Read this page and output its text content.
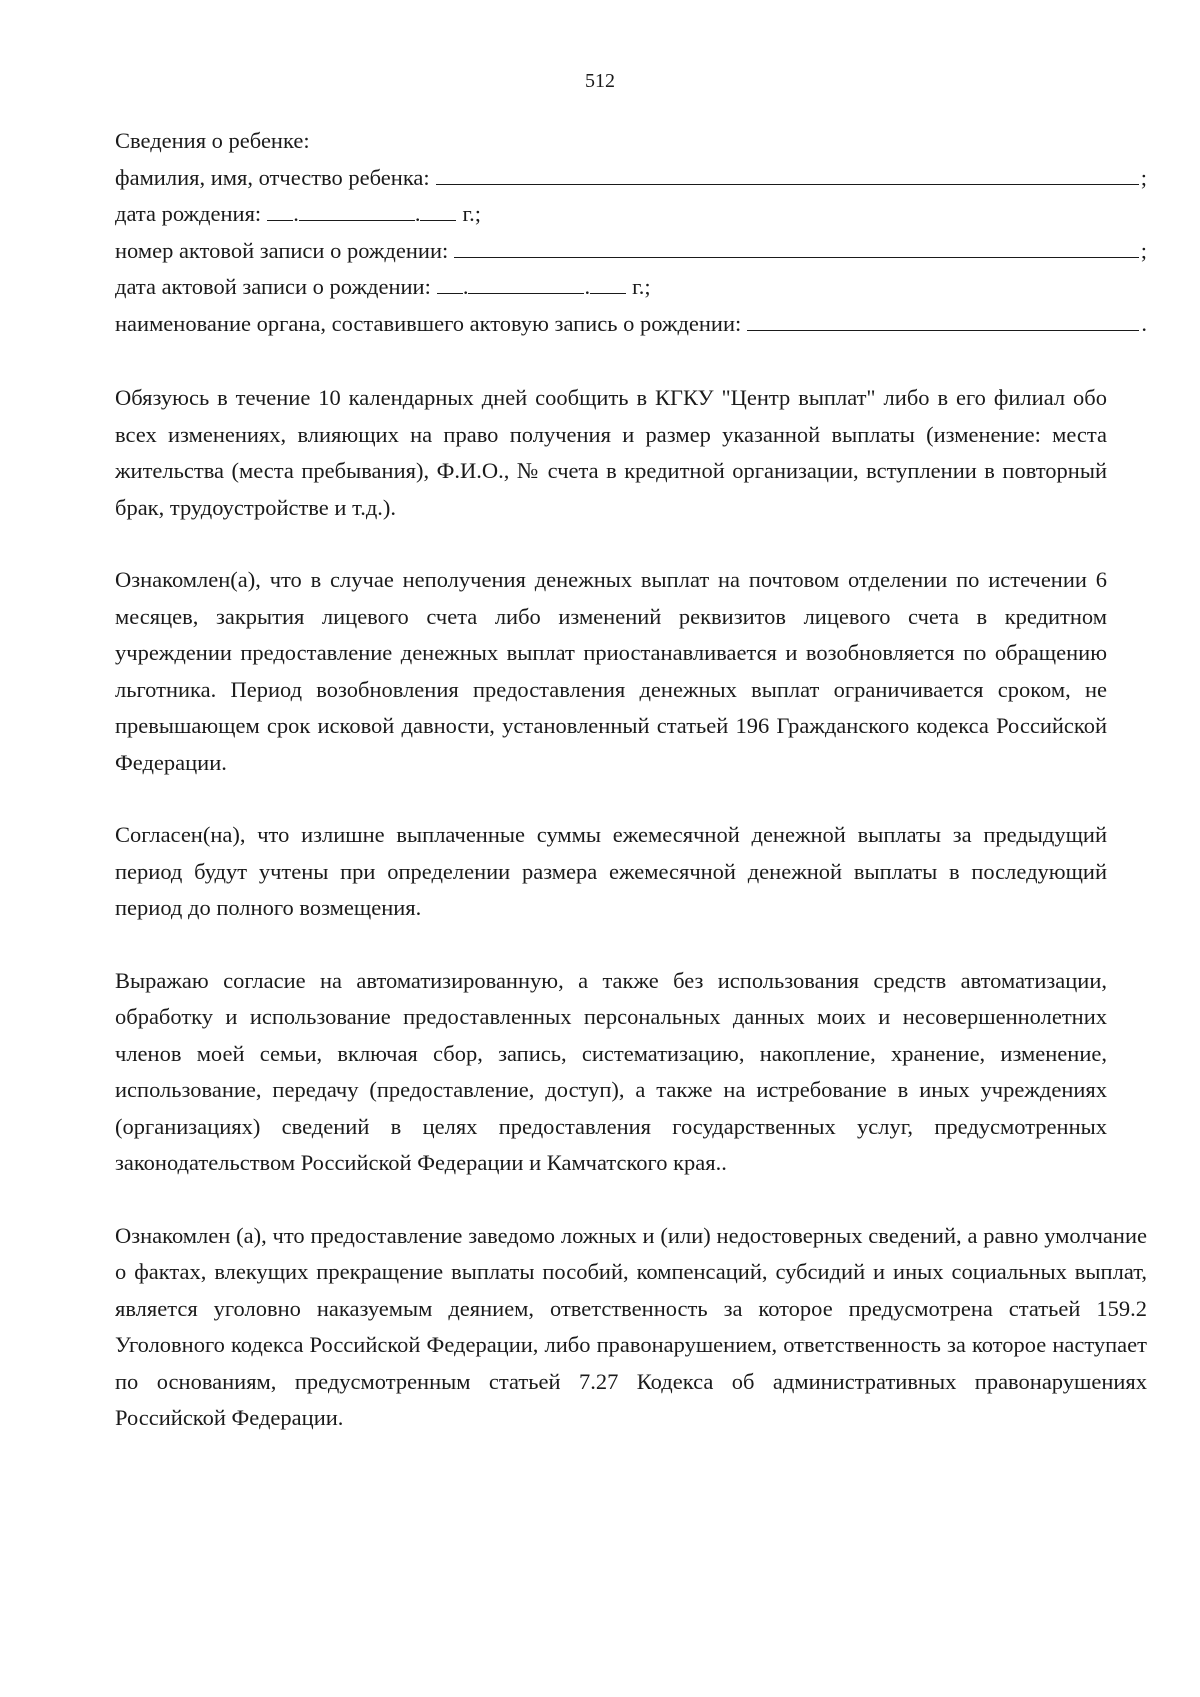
512
Сведения о ребенке:
фамилия, имя, отчество ребенка:	;
дата рождения: .	. г.;
номер актовой записи о рождении:	;
дата актовой записи о рождении: .	. г.;
наименование органа, составившего актовую запись о рождении:	.

Обязуюсь в течение 10 календарных дней сообщить в КГКУ "Центр выплат" либо в его филиал обо всех изменениях, влияющих на право получения и размер указанной выплаты (изменение: места жительства (места пребывания), Ф.И.О., № счета в кредитной организации, вступлении в повторный брак, трудоустройстве и т.д.).

Ознакомлен(а), что в случае неполучения денежных выплат на почтовом отделении по истечении 6 месяцев, закрытия лицевого счета либо изменений реквизитов лицевого счета в кредитном учреждении предоставление денежных выплат приостанавливается и возобновляется по обращению льготника. Период возобновления предоставления денежных выплат ограничивается сроком, не превышающем срок исковой давности, установленный статьей 196 Гражданского кодекса Российской Федерации.

Согласен(на), что излишне выплаченные суммы ежемесячной денежной выплаты за предыдущий период будут учтены при определении размера ежемесячной денежной выплаты в последующий период до полного возмещения.

Выражаю согласие на автоматизированную, а также без использования средств автоматизации, обработку и использование предоставленных персональных данных моих и несовершеннолетних членов моей семьи, включая сбор, запись, систематизацию, накопление, хранение, изменение, использование, передачу (предоставление, доступ), а также на истребование в иных учреждениях (организациях) сведений в целях предоставления государственных услуг, предусмотренных законодательством Российской Федерации и Камчатского края..

Ознакомлен (а), что предоставление заведомо ложных и (или) недостоверных сведений, а равно умолчание о фактах, влекущих прекращение выплаты пособий, компенсаций, субсидий и иных социальных выплат, является уголовно наказуемым деянием, ответственность за которое предусмотрена статьей 159.2 Уголовного кодекса Российской Федерации, либо правонарушением, ответственность за которое наступает по основаниям, предусмотренным статьей 7.27 Кодекса об административных правонарушениях Российской Федерации.
